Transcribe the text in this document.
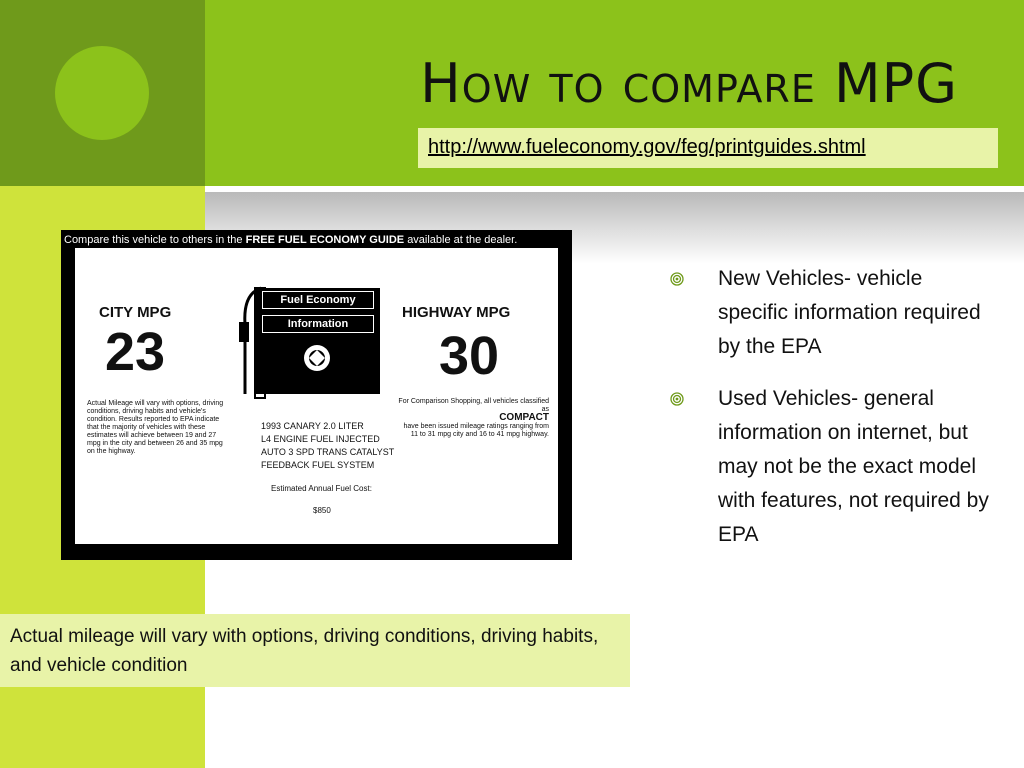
How to compare MPG
http://www.fueleconomy.gov/feg/printguides.shtml
Compare this vehicle to others in the FREE FUEL ECONOMY GUIDE available at the dealer.
CITY MPG
23
Actual Mileage will vary with options, driving conditions, driving habits and vehicle's condition. Results reported to EPA indicate that the majority of vehicles with these estimates will achieve between 19 and 27 mpg in the city and between 26 and 35 mpg on the highway.
Fuel Economy
Information
1993 CANARY 2.0 LITER
L4 ENGINE FUEL INJECTED
AUTO 3 SPD TRANS CATALYST
FEEDBACK FUEL SYSTEM
Estimated Annual Fuel Cost:
$850
HIGHWAY MPG
30
For Comparison Shopping, all vehicles classified as
COMPACT
have been issued mileage ratings ranging from 11 to 31 mpg city and 16 to 41 mpg highway.
New Vehicles- vehicle specific information required by the EPA
Used Vehicles- general information on internet, but may not be the exact model with features, not required by EPA
Actual mileage will vary with options, driving conditions, driving habits, and vehicle condition
